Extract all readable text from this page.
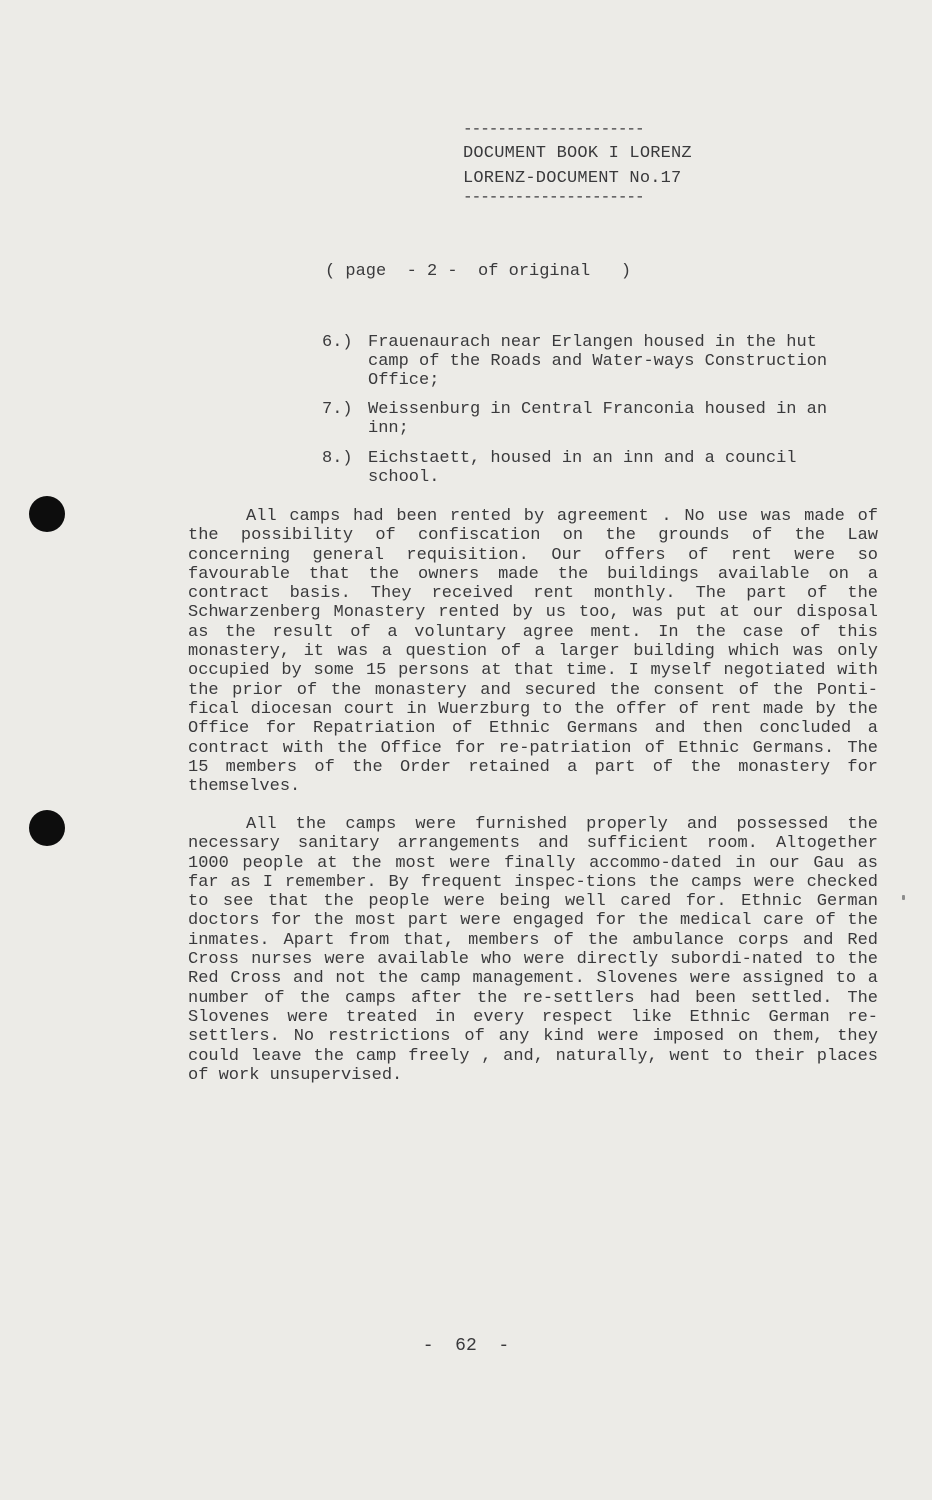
---------------------
DOCUMENT BOOK I LORENZ
LORENZ-DOCUMENT No.17
---------------------
( page  - 2 -  of original   )
6.) Frauenaurach near Erlangen housed in the hut camp of the Roads and Water-ways Construction Office;
7.) Weissenburg in Central Franconia housed in an inn;
8.) Eichstaett, housed in an inn and a council school.
All camps had been rented by agreement . No use was made of the possibility of confiscation on the grounds of the Law concerning general requisition. Our offers of rent were so favourable that the owners made the buildings available on a contract basis. They received rent monthly. The part of the Schwarzenberg Monastery rented by us too, was put at our disposal as the result of a voluntary agree ment. In the case of this monastery, it was a question of a larger building which was only occupied by some 15 persons at that time. I myself negotiated with the prior of the monastery and secured the consent of the Ponti-fical diocesan court in Wuerzburg to the offer of rent made by the Office for Repatriation of Ethnic Germans and then concluded a contract with the Office for re-patriation of Ethnic Germans. The 15 members of the Order retained a part of the monastery for themselves.
All the camps were furnished properly and possessed the necessary sanitary arrangements and sufficient room. Altogether 1000 people at the most were finally accommo-dated in our Gau as far as I remember. By frequent inspec-tions the camps were checked to see that the people were being well cared for. Ethnic German doctors for the most part were engaged for the medical care of the inmates. Apart from that, members of the ambulance corps and Red Cross nurses were available who were directly subordi-nated to the Red Cross and not the camp management. Slovenes were assigned to a number of the camps after the re-settlers had been settled. The Slovenes were treated in every respect like Ethnic German re-settlers. No restrictions of any kind were imposed on them, they could leave the camp freely , and, naturally, went to their places of work unsupervised.
-  62  -
